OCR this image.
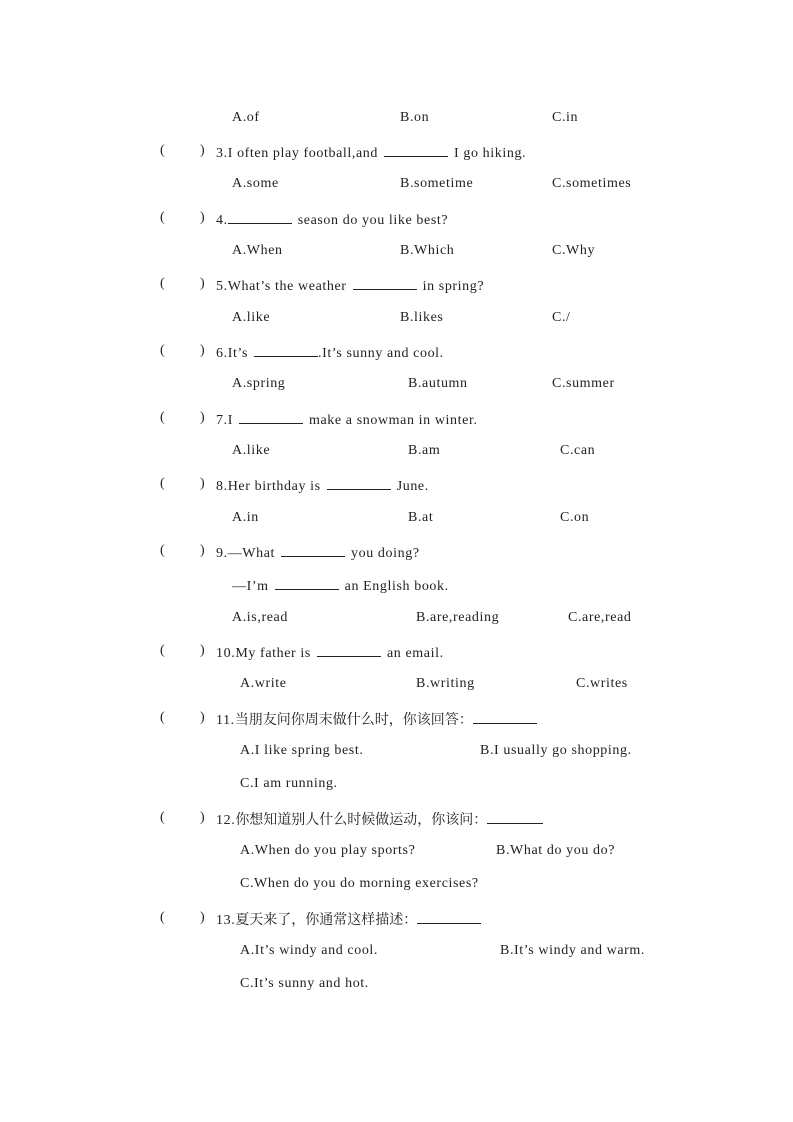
A.of	B.on	C.in
(	) 3.I often play football,and	I go hiking.
A.some	B.sometime	C.sometimes
(	) 4.	season do you like best?
A.When	B.Which	C.Why
(	) 5.What’s the weather	in spring?
A.like	B.likes	C./
(	) 6.It’s	.It’s sunny and cool.
A.spring	B.autumn	C.summer
(	) 7.I	make a snowman in winter.
A.like	B.am	C.can
(	) 8.Her birthday is	June.
A.in	B.at	C.on
(	) 9.—What	you doing?
—I’m	an English book.
A.is,read	B.are,reading	C.are,read
(	) 10.My father is	an email.
A.write	B.writing	C.writes
(	) 11.当朋友问你周末做什么时，你该回答：
A.I like spring best.	B.I usually go shopping.
C.I am running.
(	) 12.你想知道别人什么时候做运动，你该问：
A.When do you play sports?	B.What do you do?
C.When do you do morning exercises?
(	) 13.夏天来了，你通常这样描述：
A.It’s windy and cool.	B.It’s windy and warm.
C.It’s sunny and hot.
